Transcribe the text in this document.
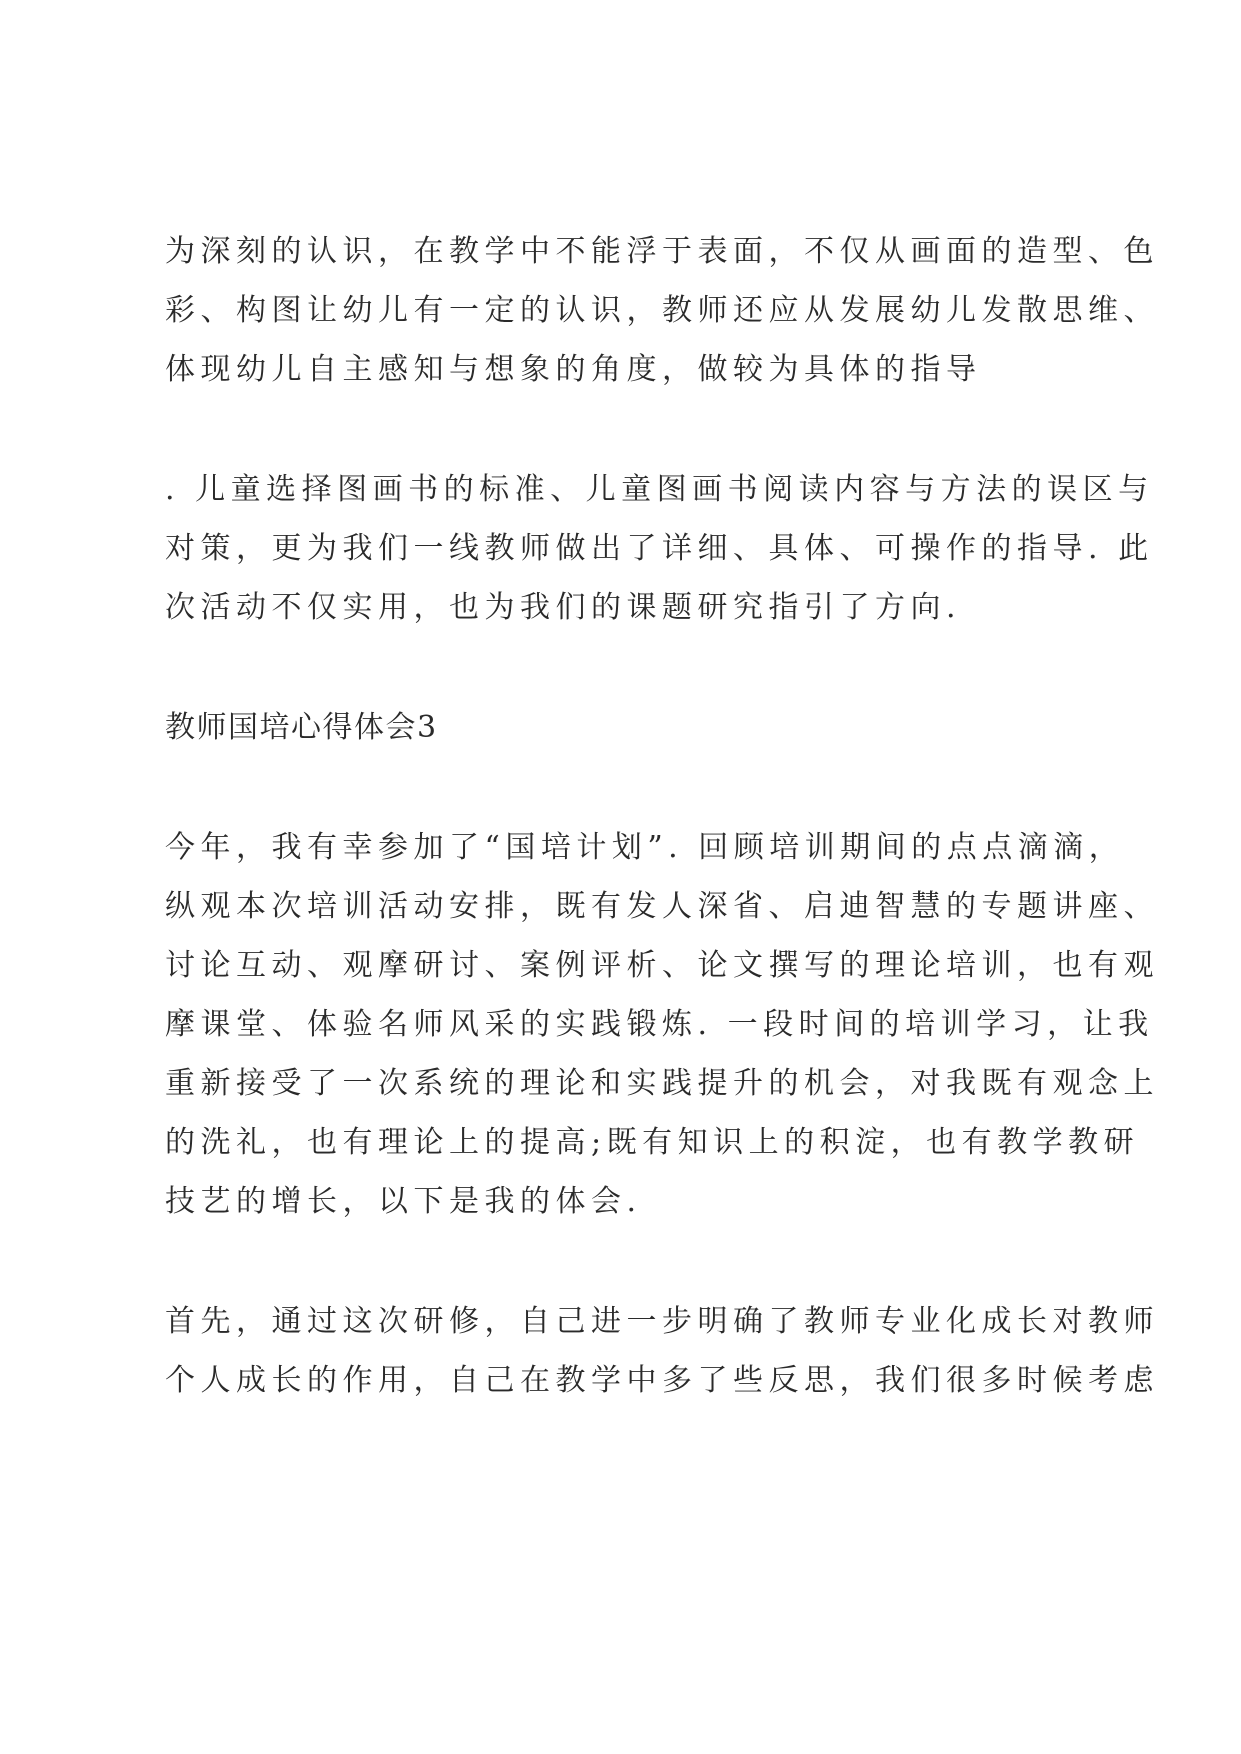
为深刻的认识，在教学中不能浮于表面，不仅从画面的造型、色
彩、构图让幼儿有一定的认识，教师还应从发展幼儿发散思维、
体现幼儿自主感知与想象的角度，做较为具体的指导
. 儿童选择图画书的标准、儿童图画书阅读内容与方法的误区与
对策，更为我们一线教师做出了详细、具体、可操作的指导. 此
次活动不仅实用，也为我们的课题研究指引了方向.
教师国培心得体会3
今年，我有幸参加了“国培计划”. 回顾培训期间的点点滴滴，
纵观本次培训活动安排，既有发人深省、启迪智慧的专题讲座、
讨论互动、观摩研讨、案例评析、论文撰写的理论培训，也有观
摩课堂、体验名师风采的实践锻炼. 一段时间的培训学习，让我
重新接受了一次系统的理论和实践提升的机会，对我既有观念上
的洗礼，也有理论上的提高;既有知识上的积淀，也有教学教研
技艺的增长，以下是我的体会.
首先，通过这次研修，自己进一步明确了教师专业化成长对教师
个人成长的作用，自己在教学中多了些反思，我们很多时候考虑
